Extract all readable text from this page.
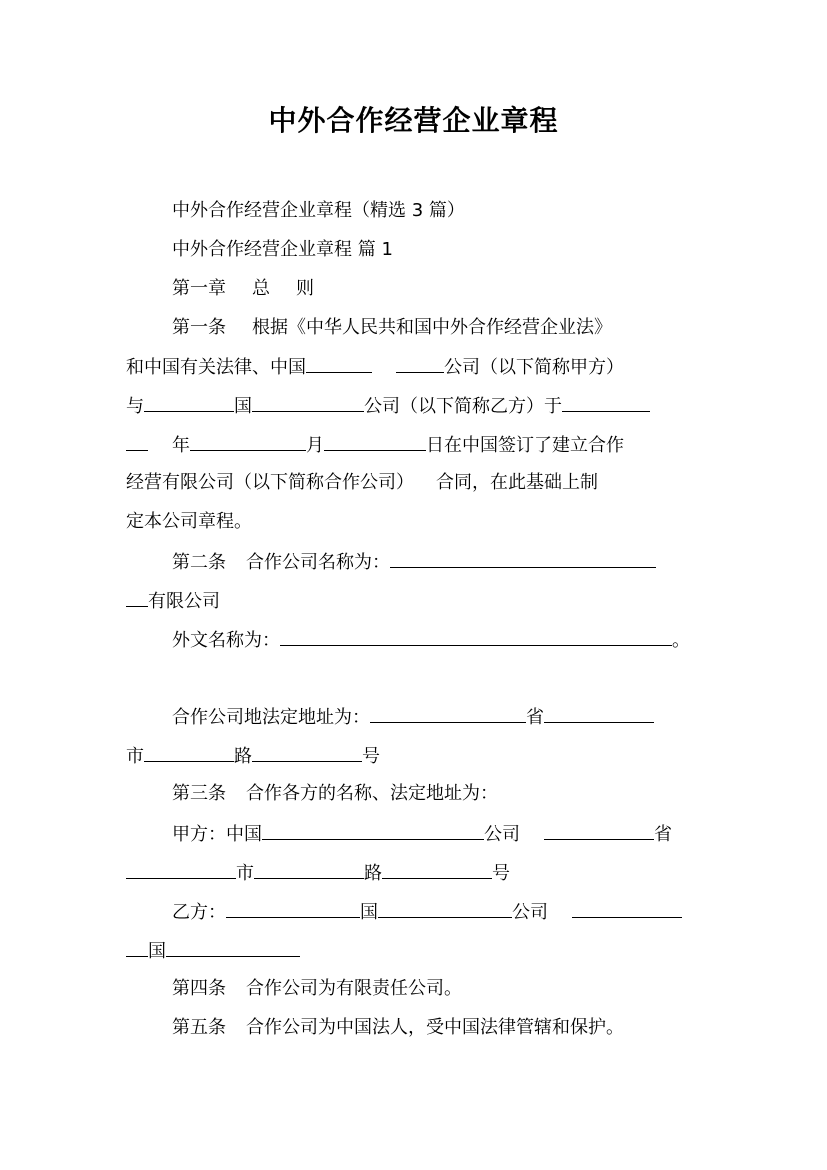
中外合作经营企业章程
中外合作经营企业章程（精选 3 篇）
中外合作经营企业章程 篇 1
第一章 总 则
第一条 根据《中华人民共和国中外合作经营企业法》
和中国有关法律、中国	公司（以下简称甲方）
与	国	公司（以下简称乙方）于
年	月	日在中国签订了建立合作
经营有限公司（以下简称合作公司） 合同，在此基础上制
定本公司章程。
第二条 合作公司名称为：
有限公司
外文名称为：	。
合作公司地法定地址为：	省
市	路	号
第三条 合作各方的名称、法定地址为：
甲方：中国	公司	省
市	路	号
乙方：	国	公司
国
第四条 合作公司为有限责任公司。
第五条 合作公司为中国法人，受中国法律管辖和保护。
